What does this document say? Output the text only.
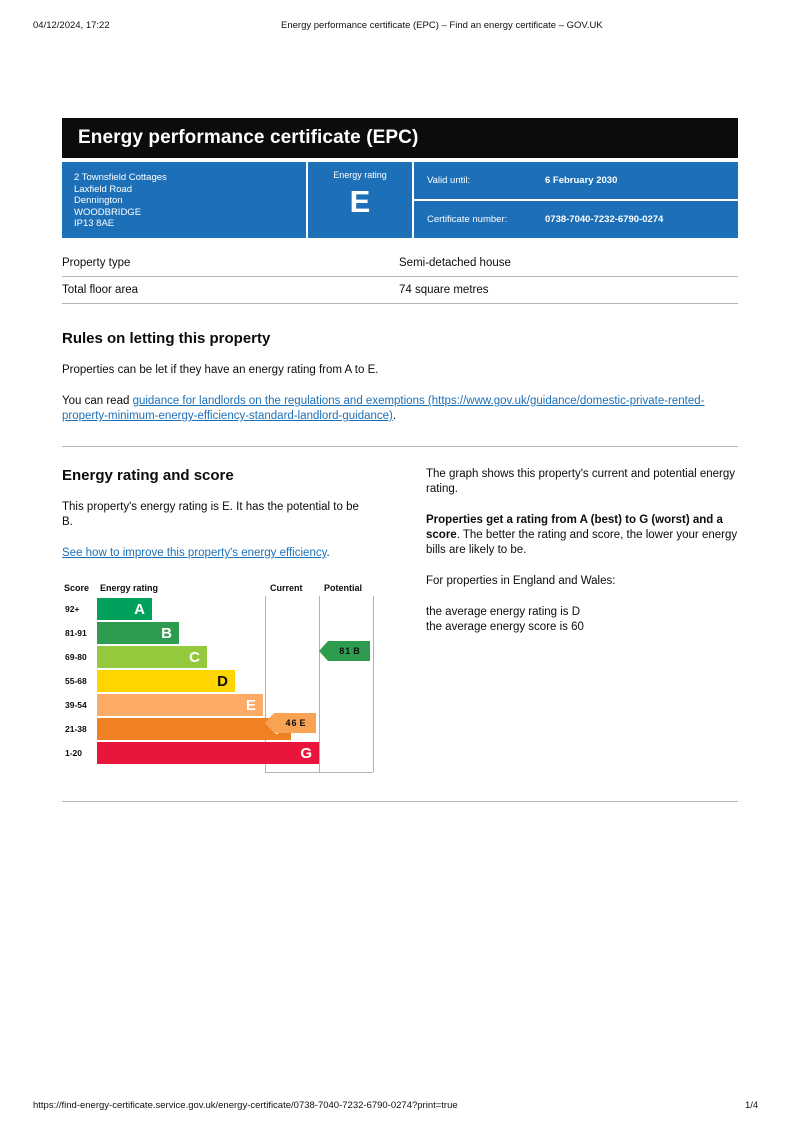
04/12/2024, 17:22	Energy performance certificate (EPC) – Find an energy certificate – GOV.UK
Energy performance certificate (EPC)
2 Townsfield Cottages
Laxfield Road
Dennington
WOODBRIDGE
IP13 8AE
Energy rating
E
Valid until:	6 February 2030
Certificate number:	0738-7040-7232-6790-0274
Property type	Semi-detached house
Total floor area	74 square metres
Rules on letting this property

Properties can be let if they have an energy rating from A to E.

You can read guidance for landlords on the regulations and exemptions (https://www.gov.uk/guidance/domestic-private-rented-property-minimum-energy-efficiency-standard-landlord-guidance).

Energy rating and score

This property's energy rating is E. It has the potential to be B.

See how to improve this property's energy efficiency.

Score Energy rating	Current Potential
92+	A
81-91	B
69-80	C
55-68	D
39-54	E
21-38
1-20	G
46 E
81 B

The graph shows this property's current and potential energy rating.

Properties get a rating from A (best) to G (worst) and a score. The better the rating and score, the lower your energy bills are likely to be.

For properties in England and Wales:

the average energy rating is D

the average energy score is 60

https://find-energy-certificate.service.gov.uk/energy-certificate/0738-7040-7232-6790-0274?print=true	1/4
